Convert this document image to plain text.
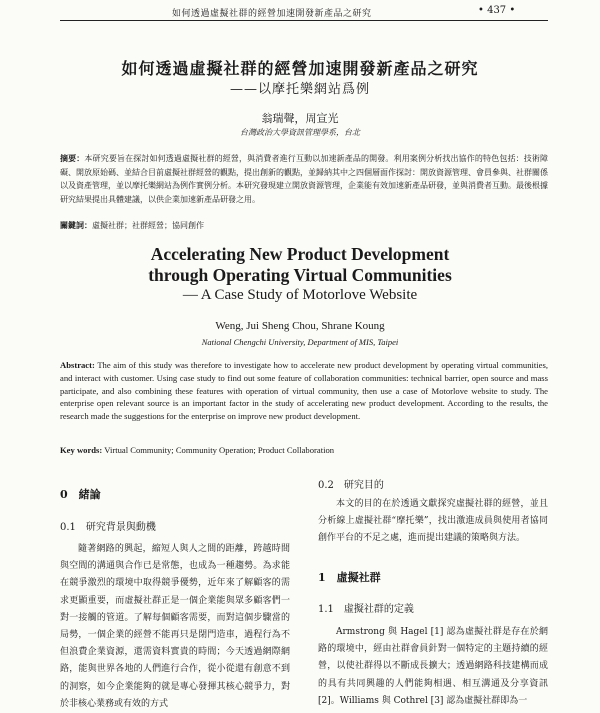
如何透過虛擬社群的經營加速開發新產品之研究	• 437 •
如何透過虛擬社群的經營加速開發新產品之研究
——以摩托樂網站爲例
翁瑞聲，周宣光
台灣政治大學資訊管理學系，台北
摘要：本研究要旨在探討如何透過虛擬社群的經營，與消費者進行互動以加速新產品的開發。利用案例分析找出協作的特色包括：技術障礙、開放原始碼、並結合目前虛擬社群經營的觀點，提出創新的觀點，並歸納其中之四個層面作探討：開放資源管理、會員參與、社群關係以及資產管理，並以摩托樂網站為例作實例分析。本研究發現建立開放資源管理，企業能有效加速新產品研發，並與消費者互動。最後根據研究結果提出具體建議，以供企業加速新產品研發之用。
關鍵詞：虛擬社群；社群經營；協同創作
Accelerating New Product Development
through Operating Virtual Communities
— A Case Study of Motorlove Website
Weng, Jui Sheng Chou, Shrane Koung
National Chengchi University, Department of MIS, Taipei
Abstract: The aim of this study was therefore to investigate how to accelerate new product development by operating virtual communities, and interact with customer. Using case study to find out some feature of collaboration communities: technical barrier, open source and mass participate, and also combining these features with operation of virtual community, then use a case of Motorlove website to study. The enterprise open relevant source is an important factor in the study of accelerating new product development. According to the results, the research made the suggestions for the enterprise on improve new product development.
Key words: Virtual Community; Community Operation; Product Collaboration
0　緒論
0.1　研究背景與動機

隨著網路的興起，縮短人與人之間的距離，跨越時間與空間的溝通與合作已是常態，也成為一種趨勢。為求能在競爭激烈的環境中取得競爭優勢，近年來了解顧客的需求更顯重要，而虛擬社群正是一個企業能與眾多顧客們一對一接觸的管道。了解每個顧客需要，而對這個步驟當的局勢，一個企業的經營不能再只是閉門造車，過程行為不但浪費企業資源，還需資料實貴的時間；今天透過網際網路，能與世界各地的人們進行合作，從小從還有創意不到的洞察，如今企業能夠的就是專心發揮其核心競爭力，對於非核心業務或有效的方式

0.2　研究目的

本文的目的在於透過文獻探究虛擬社群的經營，並且分析線上虛擬社群“摩托樂”，找出激進成員與使用者協同創作平台的不足之處，進而提出建議的策略與方法。

1　虛擬社群
1.1　虛擬社群的定義

Armstrong 與 Hagel [1] 認為虛擬社群是存在於網路的環境中，經由社群會員針對一個特定的主題持續的經營，以使社群得以不斷成長擴大；透過網路科技建構而成的具有共同興趣的人們能夠相遇、相互溝通及分享資訊 [2]。Williams 與 Cothrel [3] 認為虛擬社群即為一
